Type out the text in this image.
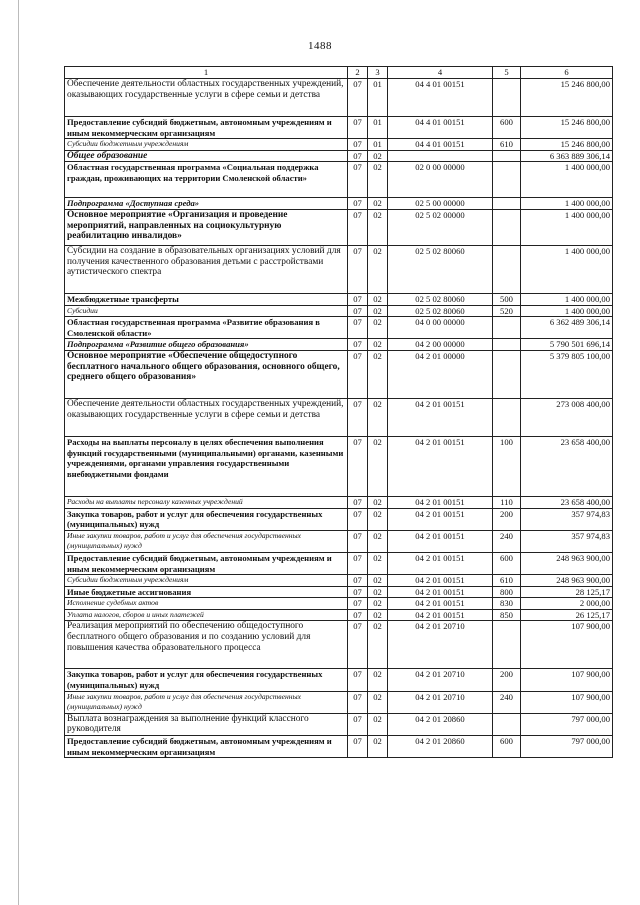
1488
1	2	3	4	5	6
Обеспечение деятельности областных государственных учреждений, оказывающих государственные услуги в сфере семьи и детства	07	01	04 4 01 00151		15 246 800,00
Предоставление субсидий бюджетным, автономным учреждениям и иным некоммерческим организациям	07	01	04 4 01 00151	600	15 246 800,00
Субсидии бюджетным учреждениям	07	01	04 4 01 00151	610	15 246 800,00
Общее образование	07	02			6 363 889 306,14
Областная государственная программа «Социальная поддержка граждан, проживающих на территории Смоленской области»	07	02	02 0 00 00000		1 400 000,00
Подпрограмма «Доступная среда»	07	02	02 5 00 00000		1 400 000,00
Основное мероприятие «Организация и проведение мероприятий, направленных на социокультурную реабилитацию инвалидов»	07	02	02 5 02 00000		1 400 000,00
Субсидии на создание в образовательных организациях условий для получения качественного образования детьми с расстройствами аутистического спектра	07	02	02 5 02 80060		1 400 000,00
Межбюджетные трансферты	07	02	02 5 02 80060	500	1 400 000,00
Субсидии	07	02	02 5 02 80060	520	1 400 000,00
Областная государственная программа «Развитие образования в Смоленской области»	07	02	04 0 00 00000		6 362 489 306,14
Подпрограмма «Развитие общего образования»	07	02	04 2 00 00000		5 790 501 696,14
Основное мероприятие «Обеспечение общедоступного бесплатного начального общего образования, основного общего, среднего общего образования»	07	02	04 2 01 00000		5 379 805 100,00
Обеспечение деятельности областных государственных учреждений, оказывающих государственные услуги в сфере семьи и детства	07	02	04 2 01 00151		273 008 400,00
Расходы на выплаты персоналу в целях обеспечения выполнения функций государственными (муниципальными) органами, казенными учреждениями, органами управления государственными внебюджетными фондами	07	02	04 2 01 00151	100	23 658 400,00
Расходы на выплаты персоналу казенных учреждений	07	02	04 2 01 00151	110	23 658 400,00
Закупка товаров, работ и услуг для обеспечения государственных (муниципальных) нужд	07	02	04 2 01 00151	200	357 974,83
Иные закупки товаров, работ и услуг для обеспечения государственных (муниципальных) нужд	07	02	04 2 01 00151	240	357 974,83
Предоставление субсидий бюджетным, автономным учреждениям и иным некоммерческим организациям	07	02	04 2 01 00151	600	248 963 900,00
Субсидии бюджетным учреждениям	07	02	04 2 01 00151	610	248 963 900,00
Иные бюджетные ассигнования	07	02	04 2 01 00151	800	28 125,17
Исполнение судебных актов	07	02	04 2 01 00151	830	2 000,00
Уплата налогов, сборов и иных платежей	07	02	04 2 01 00151	850	26 125,17
Реализация мероприятий по обеспечению общедоступного бесплатного общего образования и по созданию условий для повышения качества образовательного процесса	07	02	04 2 01 20710		107 900,00
Закупка товаров, работ и услуг для обеспечения государственных (муниципальных) нужд	07	02	04 2 01 20710	200	107 900,00
Иные закупки товаров, работ и услуг для обеспечения государственных (муниципальных) нужд	07	02	04 2 01 20710	240	107 900,00
Выплата вознаграждения за выполнение функций классного руководителя	07	02	04 2 01 20860		797 000,00
Предоставление субсидий бюджетным, автономным учреждениям и иным некоммерческим организациям	07	02	04 2 01 20860	600	797 000,00
